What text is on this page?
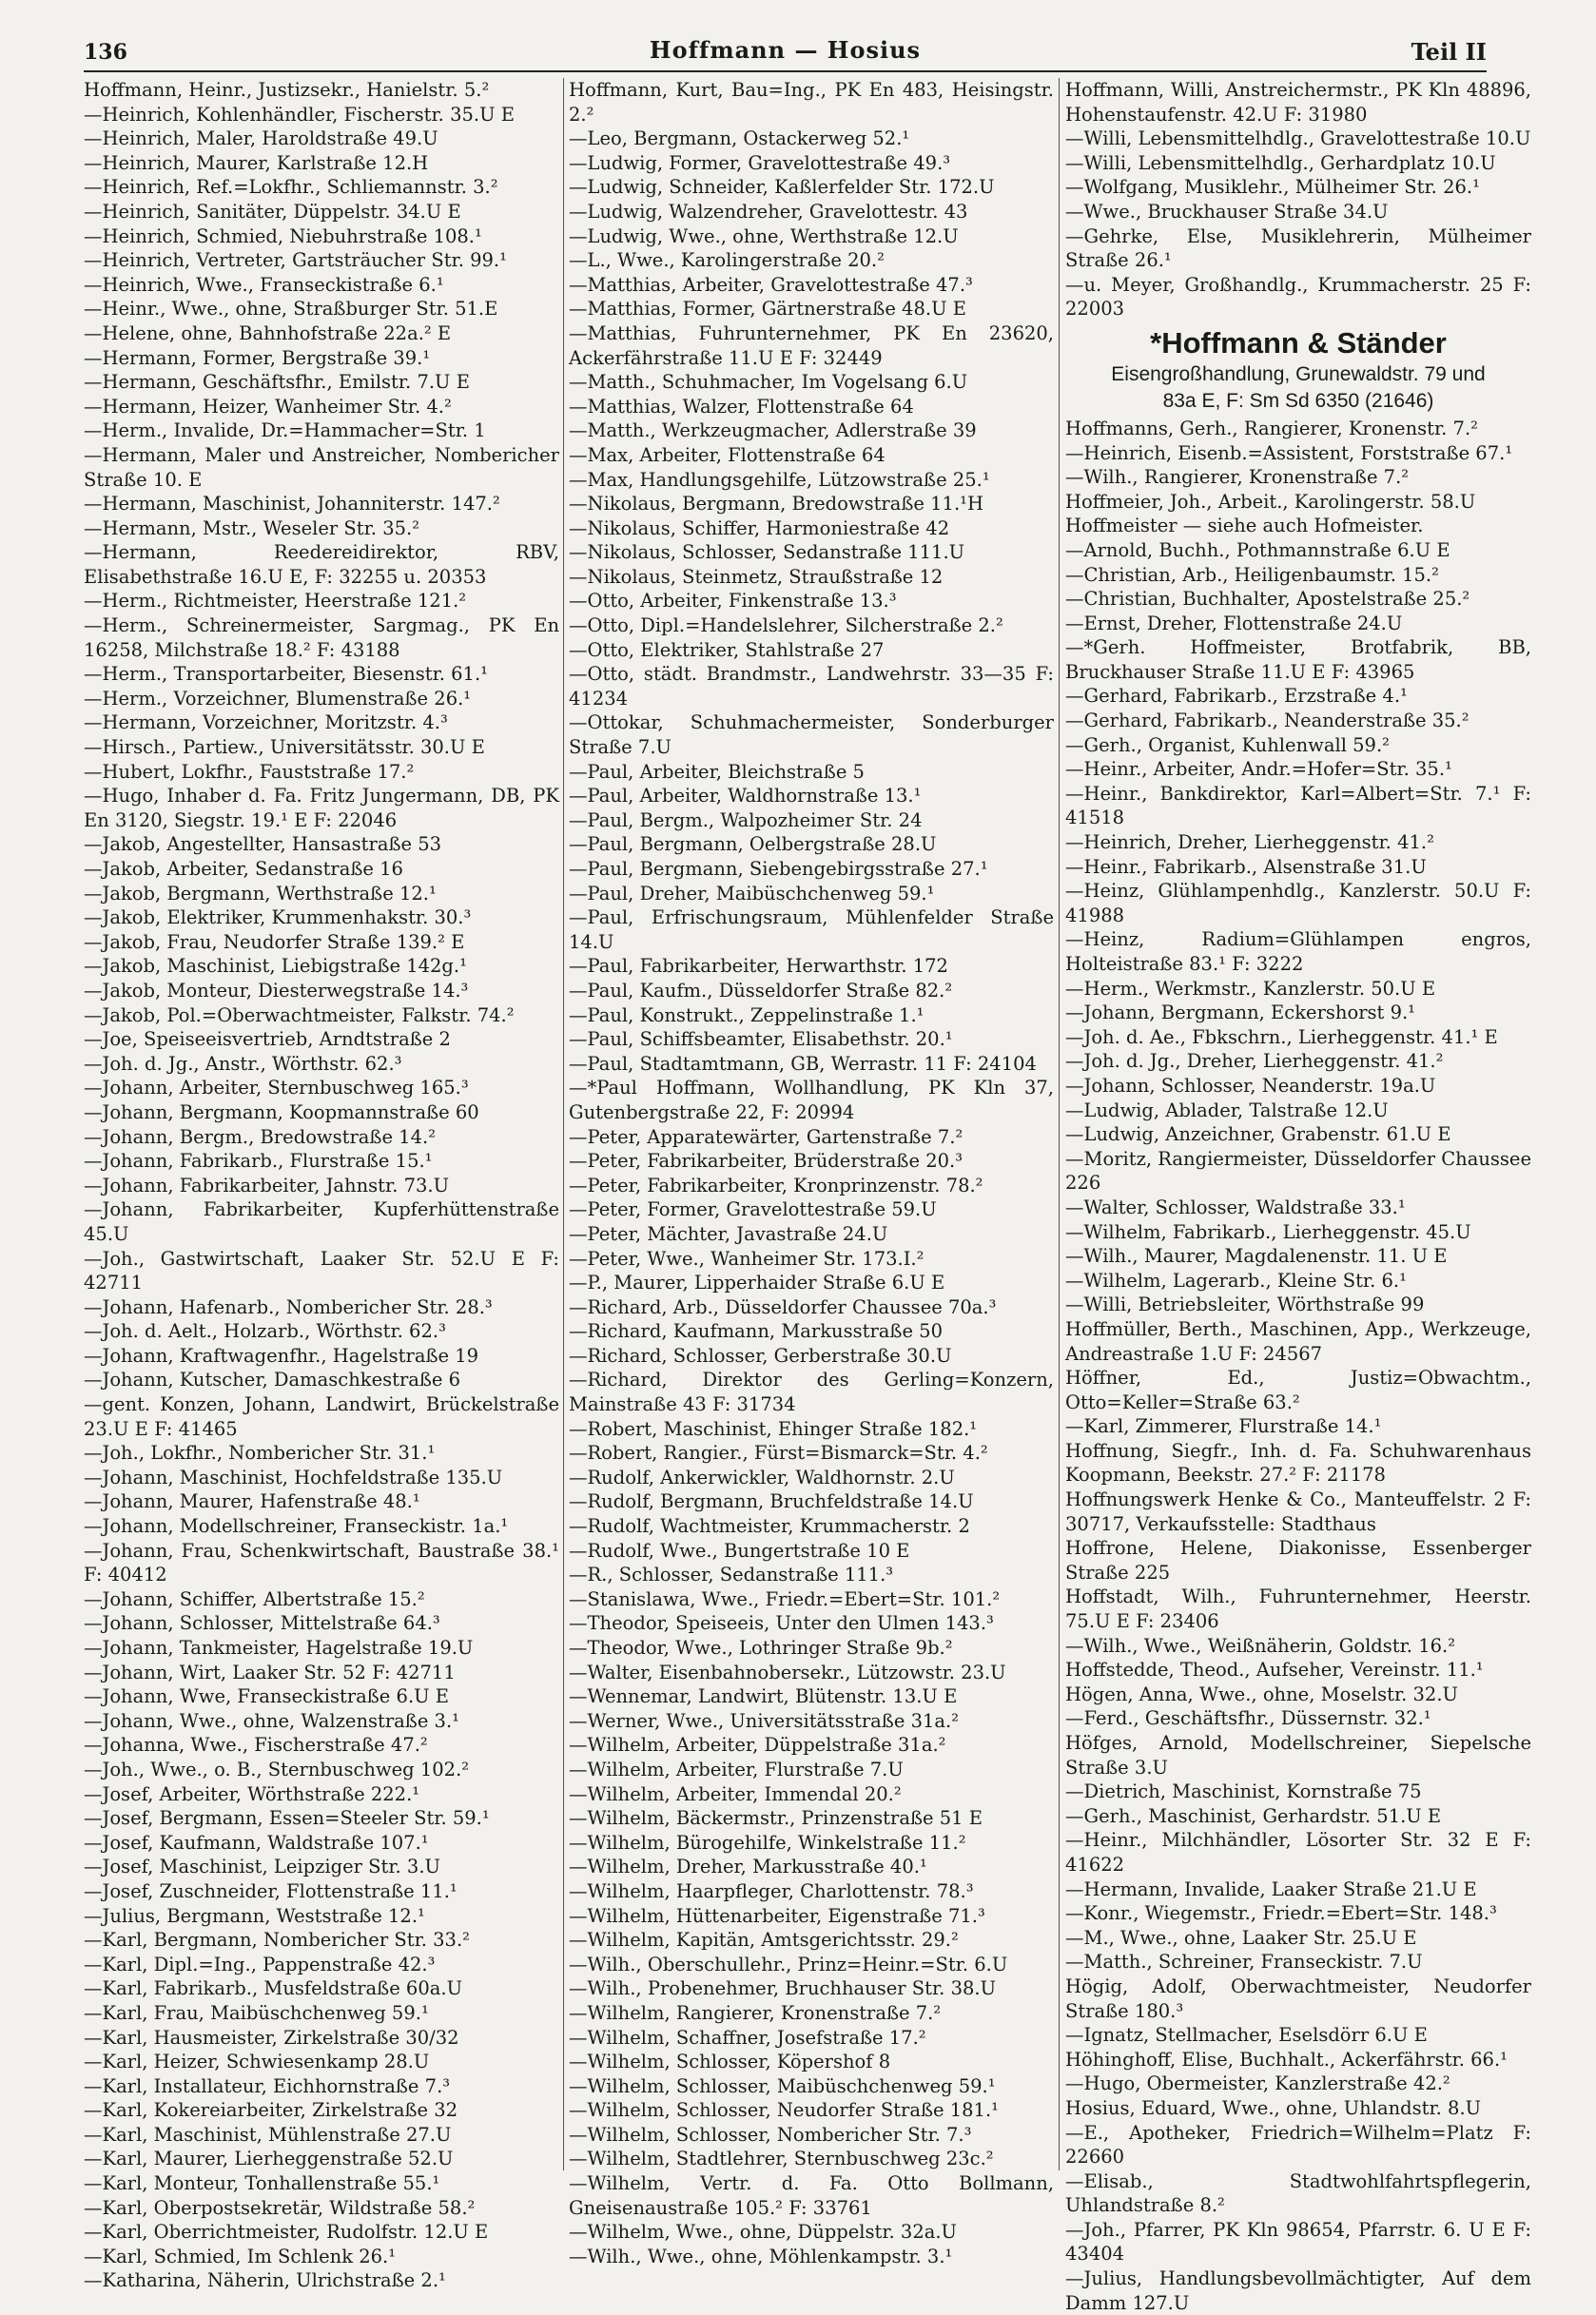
136	Hoffmann — Hosius	Teil II
Hoffmann, Heinr., Justizsekr., Hanielstr. 5.²
—Heinrich, Kohlenhändler, Fischerstr. 35.U E
—Heinrich, Maler, Haroldstraße 49.U
—Heinrich, Maurer, Karlstraße 12.H
—Heinrich, Ref.=Lokfhr., Schliemannstr. 3.²
—Heinrich, Sanitäter, Düppelstr. 34.U E
—Heinrich, Schmied, Niebuhrstraße 108.¹
—Heinrich, Vertreter, Gartsträucher Str. 99.¹
—Heinrich, Wwe., Franseckistraße 6.¹
—Heinr., Wwe., ohne, Straßburger Str. 51.E
—Helene, ohne, Bahnhofstraße 22a.² E
—Hermann, Former, Bergstraße 39.¹
—Hermann, Geschäftsfhr., Emilstr. 7.U E
—Hermann, Heizer, Wanheimer Str. 4.²
—Herm., Invalide, Dr.=Hammacher=Str. 1
—Hermann, Maler und Anstreicher, Nombericher Straße 10. E
—Hermann, Maschinist, Johanniterstr. 147.²
—Hermann, Mstr., Weseler Str. 35.²
—Hermann, Reedereidirektor, RBV, Elisabethstraße 16.U E, F: 32255 u. 20353
—Herm., Richtmeister, Heerstraße 121.²
—Herm., Schreinermeister, Sargmag., PK En 16258, Milchstraße 18.² F: 43188
—Herm., Transportarbeiter, Biesenstr. 61.¹
—Herm., Vorzeichner, Blumenstraße 26.¹
—Hermann, Vorzeichner, Moritzstr. 4.³
—Hirsch., Partiew., Universitätsstr. 30.U E
—Hubert, Lokfhr., Fauststraße 17.²
—Hugo, Inhaber d. Fa. Fritz Jungermann, DB, PK En 3120, Siegstr. 19.¹ E F: 22046
—Jakob, Angestellter, Hansastraße 53
—Jakob, Arbeiter, Sedanstraße 16
—Jakob, Bergmann, Werthstraße 12.¹
—Jakob, Elektriker, Krummenhakstr. 30.³
—Jakob, Frau, Neudorfer Straße 139.² E
—Jakob, Maschinist, Liebigstraße 142g.¹
—Jakob, Monteur, Diesterwegstraße 14.³
—Jakob, Pol.=Oberwachtmeister, Falkstr. 74.²
—Joe, Speiseeisvertrieb, Arndtstraße 2
—Joh. d. Jg., Anstr., Wörthstr. 62.³
—Johann, Arbeiter, Sternbuschweg 165.³
—Johann, Bergmann, Koopmannstraße 60
—Johann, Bergm., Bredowstraße 14.²
—Johann, Fabrikarb., Flurstraße 15.¹
—Johann, Fabrikarbeiter, Jahnstr. 73.U
—Johann, Fabrikarbeiter, Kupferhüttenstraße 45.U
—Joh., Gastwirtschaft, Laaker Str. 52.U E F: 42711
—Johann, Hafenarb., Nombericher Str. 28.³
—Joh. d. Aelt., Holzarb., Wörthstr. 62.³
—Johann, Kraftwagenfhr., Hagelstraße 19
—Johann, Kutscher, Damaschkestraße 6
—gent. Konzen, Johann, Landwirt, Brückelstraße 23.U E F: 41465
—Joh., Lokfhr., Nombericher Str. 31.¹
—Johann, Maschinist, Hochfeldstraße 135.U
—Johann, Maurer, Hafenstraße 48.¹
—Johann, Modellschreiner, Franseckistr. 1a.¹
—Johann, Frau, Schenkwirtschaft, Baustraße 38.¹ F: 40412
—Johann, Schiffer, Albertstraße 15.²
—Johann, Schlosser, Mittelstraße 64.³
—Johann, Tankmeister, Hagelstraße 19.U
—Johann, Wirt, Laaker Str. 52 F: 42711
—Johann, Wwe, Franseckistraße 6.U E
—Johann, Wwe., ohne, Walzenstraße 3.¹
—Johanna, Wwe., Fischerstraße 47.²
—Joh., Wwe., o. B., Sternbuschweg 102.²
—Josef, Arbeiter, Wörthstraße 222.¹
—Josef, Bergmann, Essen=Steeler Str. 59.¹
—Josef, Kaufmann, Waldstraße 107.¹
—Josef, Maschinist, Leipziger Str. 3.U
—Josef, Zuschneider, Flottenstraße 11.¹
—Julius, Bergmann, Weststraße 12.¹
—Karl, Bergmann, Nombericher Str. 33.²
—Karl, Dipl.=Ing., Pappenstraße 42.³
—Karl, Fabrikarb., Musfeldstraße 60a.U
—Karl, Frau, Maibüschchenweg 59.¹
—Karl, Hausmeister, Zirkelstraße 30/32
—Karl, Heizer, Schwiesenkamp 28.U
—Karl, Installateur, Eichhornstraße 7.³
—Karl, Kokereiarbeiter, Zirkelstraße 32
—Karl, Maschinist, Mühlenstraße 27.U
—Karl, Maurer, Lierheggenstraße 52.U
—Karl, Monteur, Tonhallenstraße 55.¹
—Karl, Oberpostsekretär, Wildstraße 58.²
—Karl, Oberrichtmeister, Rudolfstr. 12.U E
—Karl, Schmied, Im Schlenk 26.¹
—Katharina, Näherin, Ulrichstraße 2.¹
Hoffmann, Kurt, Bau=Ing., PK En 483, Heisingstr. 2.²
—Leo, Bergmann, Ostackerweg 52.¹
—Ludwig, Former, Gravelottestraße 49.³
—Ludwig, Schneider, Kaßlerfelder Str. 172.U
—Ludwig, Walzendreher, Gravelottestr. 43
—Ludwig, Wwe., ohne, Werthstraße 12.U
—L., Wwe., Karolingerstraße 20.²
—Matthias, Arbeiter, Gravelottestraße 47.³
—Matthias, Former, Gärtnerstraße 48.U E
—Matthias, Fuhrunternehmer, PK En 23620, Ackerfährstraße 11.U E F: 32449
—Matth., Schuhmacher, Im Vogelsang 6.U
—Matthias, Walzer, Flottenstraße 64
—Matth., Werkzeugmacher, Adlerstraße 39
—Max, Arbeiter, Flottenstraße 64
—Max, Handlungsgehilfe, Lützowstraße 25.¹
—Nikolaus, Bergmann, Bredowstraße 11.¹H
—Nikolaus, Schiffer, Harmoniestraße 42
—Nikolaus, Schlosser, Sedanstraße 111.U
—Nikolaus, Steinmetz, Straußstraße 12
—Otto, Arbeiter, Finkenstraße 13.³
—Otto, Dipl.=Handelslehrer, Silcherstraße 2.²
—Otto, Elektriker, Stahlstraße 27
—Otto, städt. Brandmstr., Landwehrstr. 33—35 F: 41234
—Ottokar, Schuhmachermeister, Sonderburger Straße 7.U
—Paul, Arbeiter, Bleichstraße 5
—Paul, Arbeiter, Waldhornstraße 13.¹
—Paul, Bergm., Walpozheimer Str. 24
—Paul, Bergmann, Oelbergstraße 28.U
—Paul, Bergmann, Siebengebirgsstraße 27.¹
—Paul, Dreher, Maibüschchenweg 59.¹
—Paul, Erfrischungsraum, Mühlenfelder Straße 14.U
—Paul, Fabrikarbeiter, Herwarthstr. 172
—Paul, Kaufm., Düsseldorfer Straße 82.²
—Paul, Konstrukt., Zeppelinstraße 1.¹
—Paul, Schiffsbeamter, Elisabethstr. 20.¹
—Paul, Stadtamtmann, GB, Werrastr. 11 F: 24104
—*Paul Hoffmann, Wollhandlung, PK Kln 37, Gutenbergstraße 22, F: 20994
—Peter, Apparatewärter, Gartenstraße 7.²
—Peter, Fabrikarbeiter, Brüderstraße 20.³
—Peter, Fabrikarbeiter, Kronprinzenstr. 78.²
—Peter, Former, Gravelottestraße 59.U
—Peter, Mächter, Javastraße 24.U
—Peter, Wwe., Wanheimer Str. 173.I.²
—P., Maurer, Lipperhaider Straße 6.U E
—Richard, Arb., Düsseldorfer Chaussee 70a.³
—Richard, Kaufmann, Markusstraße 50
—Richard, Schlosser, Gerberstraße 30.U
—Richard, Direktor des Gerling=Konzern, Mainstraße 43 F: 31734
—Robert, Maschinist, Ehinger Straße 182.¹
—Robert, Rangier., Fürst=Bismarck=Str. 4.²
—Rudolf, Ankerwickler, Waldhornstr. 2.U
—Rudolf, Bergmann, Bruchfeldstraße 14.U
—Rudolf, Wachtmeister, Krummacherstr. 2
—Rudolf, Wwe., Bungertstraße 10 E
—R., Schlosser, Sedanstraße 111.³
—Stanislawa, Wwe., Friedr.=Ebert=Str. 101.²
—Theodor, Speiseeis, Unter den Ulmen 143.³
—Theodor, Wwe., Lothringer Straße 9b.²
—Walter, Eisenbahnobersekr., Lützowstr. 23.U
—Wennemar, Landwirt, Blütenstr. 13.U E
—Werner, Wwe., Universitätsstraße 31a.²
—Wilhelm, Arbeiter, Düppelstraße 31a.²
—Wilhelm, Arbeiter, Flurstraße 7.U
—Wilhelm, Arbeiter, Immendal 20.²
—Wilhelm, Bäckermstr., Prinzenstraße 51 E
—Wilhelm, Bürogehilfe, Winkelstraße 11.²
—Wilhelm, Dreher, Markusstraße 40.¹
—Wilhelm, Haarpfleger, Charlottenstr. 78.³
—Wilhelm, Hüttenarbeiter, Eigenstraße 71.³
—Wilhelm, Kapitän, Amtsgerichtsstr. 29.²
—Wilh., Oberschullehr., Prinz=Heinr.=Str. 6.U
—Wilh., Probenehmer, Bruchhauser Str. 38.U
—Wilhelm, Rangierer, Kronenstraße 7.²
—Wilhelm, Schaffner, Josefstraße 17.²
—Wilhelm, Schlosser, Köpershof 8
—Wilhelm, Schlosser, Maibüschchenweg 59.¹
—Wilhelm, Schlosser, Neudorfer Straße 181.¹
—Wilhelm, Schlosser, Nombericher Str. 7.³
—Wilhelm, Stadtlehrer, Sternbuschweg 23c.²
—Wilhelm, Vertr. d. Fa. Otto Bollmann, Gneisenaustraße 105.² F: 33761
—Wilhelm, Wwe., ohne, Düppelstr. 32a.U
—Wilh., Wwe., ohne, Möhlenkampstr. 3.¹
Hoffmann, Willi, Anstreichermstr., PK Kln 48896, Hohenstaufenstr. 42.U F: 31980
—Willi, Lebensmittelhdlg., Gravelottestraße 10.U
—Willi, Lebensmittelhdlg., Gerhardplatz 10.U
—Wolfgang, Musiklehr., Mülheimer Str. 26.¹
—Wwe., Bruckhauser Straße 34.U
—Gehrke, Else, Musiklehrerin, Mülheimer Straße 26.¹
—u. Meyer, Großhandlg., Krummacherstr. 25 F: 22003
*Hoffmann & Ständer
Eisengroßhandlung, Grunewaldstr. 79 und
83a E, F: Sm Sd 6350 (21646)
Hoffmanns, Gerh., Rangierer, Kronenstr. 7.²
—Heinrich, Eisenb.=Assistent, Forststraße 67.¹
—Wilh., Rangierer, Kronenstraße 7.²
Hoffmeier, Joh., Arbeit., Karolingerstr. 58.U
Hoffmeister — siehe auch Hofmeister.
—Arnold, Buchh., Pothmannstraße 6.U E
—Christian, Arb., Heiligenbaumstr. 15.²
—Christian, Buchhalter, Apostelstraße 25.²
—Ernst, Dreher, Flottenstraße 24.U
—*Gerh. Hoffmeister, Brotfabrik, BB, Bruckhauser Straße 11.U E F: 43965
—Gerhard, Fabrikarb., Erzstraße 4.¹
—Gerhard, Fabrikarb., Neanderstraße 35.²
—Gerh., Organist, Kuhlenwall 59.²
—Heinr., Arbeiter, Andr.=Hofer=Str. 35.¹
—Heinr., Bankdirektor, Karl=Albert=Str. 7.¹ F: 41518
—Heinrich, Dreher, Lierheggenstr. 41.²
—Heinr., Fabrikarb., Alsenstraße 31.U
—Heinz, Glühlampenhdlg., Kanzlerstr. 50.U F: 41988
—Heinz, Radium=Glühlampen engros, Holteistraße 83.¹ F: 3222
—Herm., Werkmstr., Kanzlerstr. 50.U E
—Johann, Bergmann, Eckershorst 9.¹
—Joh. d. Ae., Fbkschrn., Lierheggenstr. 41.¹ E
—Joh. d. Jg., Dreher, Lierheggenstr. 41.²
—Johann, Schlosser, Neanderstr. 19a.U
—Ludwig, Ablader, Talstraße 12.U
—Ludwig, Anzeichner, Grabenstr. 61.U E
—Moritz, Rangiermeister, Düsseldorfer Chaussee 226
—Walter, Schlosser, Waldstraße 33.¹
—Wilhelm, Fabrikarb., Lierheggenstr. 45.U
—Wilh., Maurer, Magdalenenstr. 11. U E
—Wilhelm, Lagerarb., Kleine Str. 6.¹
—Willi, Betriebsleiter, Wörthstraße 99
Hoffmüller, Berth., Maschinen, App., Werkzeuge, Andreastraße 1.U F: 24567
Höffner, Ed., Justiz=Obwachtm., Otto=Keller=Straße 63.²
—Karl, Zimmerer, Flurstraße 14.¹
Hoffnung, Siegfr., Inh. d. Fa. Schuhwarenhaus Koopmann, Beekstr. 27.² F: 21178
Hoffnungswerk Henke & Co., Manteuffelstr. 2 F: 30717, Verkaufsstelle: Stadthaus
Hoffrone, Helene, Diakonisse, Essenberger Straße 225
Hoffstadt, Wilh., Fuhrunternehmer, Heerstr. 75.U E F: 23406
—Wilh., Wwe., Weißnäherin, Goldstr. 16.²
Hoffstedde, Theod., Aufseher, Vereinstr. 11.¹
Högen, Anna, Wwe., ohne, Moselstr. 32.U
—Ferd., Geschäftsfhr., Düssernstr. 32.¹
Höfges, Arnold, Modellschreiner, Siepelsche Straße 3.U
—Dietrich, Maschinist, Kornstraße 75
—Gerh., Maschinist, Gerhardstr. 51.U E
—Heinr., Milchhändler, Lösorter Str. 32 E F: 41622
—Hermann, Invalide, Laaker Straße 21.U E
—Konr., Wiegemstr., Friedr.=Ebert=Str. 148.³
—M., Wwe., ohne, Laaker Str. 25.U E
—Matth., Schreiner, Franseckistr. 7.U
Högig, Adolf, Oberwachtmeister, Neudorfer Straße 180.³
—Ignatz, Stellmacher, Eselsdörr 6.U E
Höhinghoff, Elise, Buchhalt., Ackerfährstr. 66.¹
—Hugo, Obermeister, Kanzlerstraße 42.²
Hosius, Eduard, Wwe., ohne, Uhlandstr. 8.U
—E., Apotheker, Friedrich=Wilhelm=Platz F: 22660
—Elisab., Stadtwohlfahrtspflegerin, Uhlandstraße 8.²
—Joh., Pfarrer, PK Kln 98654, Pfarrstr. 6. U E F: 43404
—Julius, Handlungsbevollmächtigter, Auf dem Damm 127.U
